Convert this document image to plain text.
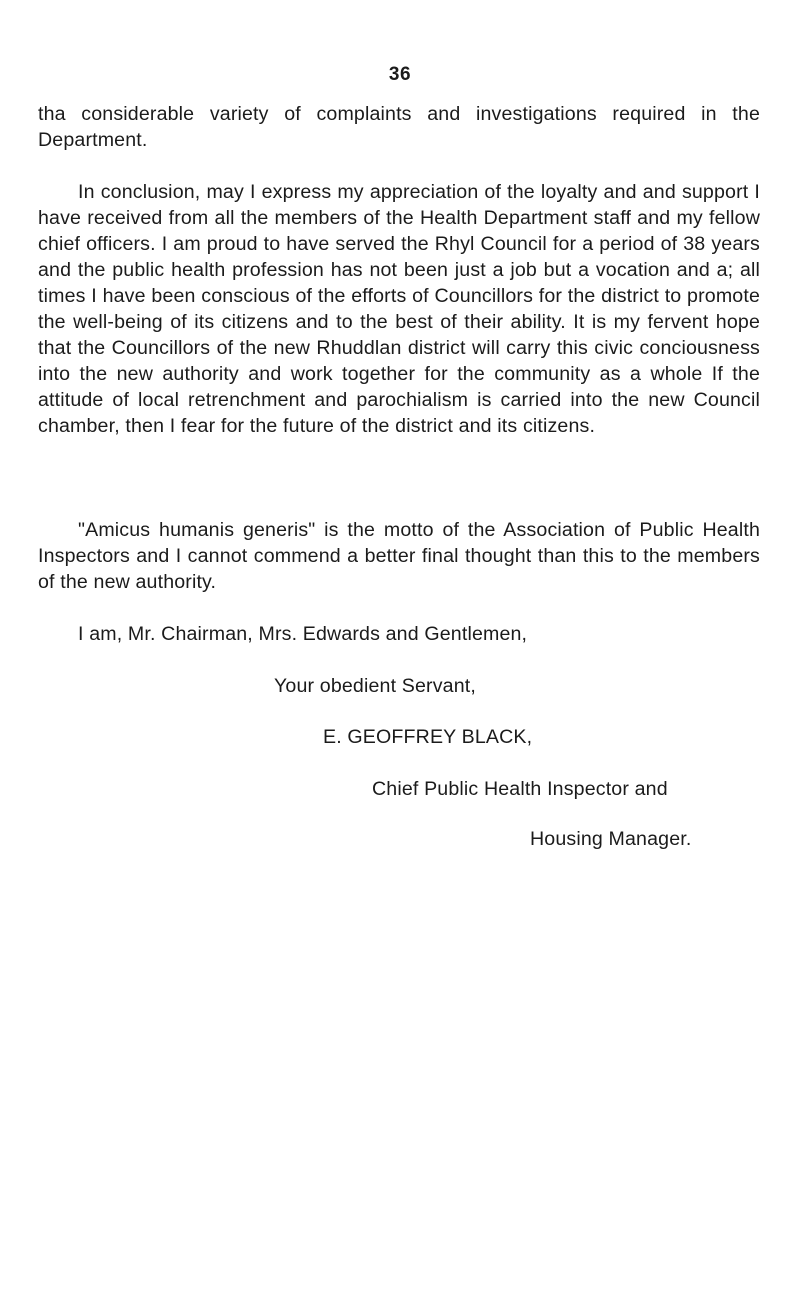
36

tha considerable variety of complaints and investigations required in the Department.

In conclusion, may I express my appreciation of the loyalty and and support I have received from all the members of the Health Department staff and my fellow chief officers. I am proud to have served the Rhyl Council for a period of 38 years and the public health profession has not been just a job but a vocation and a; all times I have been conscious of the efforts of Councillors for the district to promote the well-being of its citizens and to the best of their ability. It is my fervent hope that the Councillors of the new Rhuddlan district will carry this civic conciousness into the new authority and work together for the community as a whole If the attitude of local retrenchment and parochialism is carried into the new Council chamber, then I fear for the future of the district and its citizens.

"Amicus humanis generis" is the motto of the Association of Public Health Inspectors and I cannot commend a better final thought than this to the members of the new authority.

I am, Mr. Chairman, Mrs. Edwards and Gentlemen,

Your obedient Servant,

E. GEOFFREY BLACK,

Chief Public Health Inspector and

Housing Manager.
